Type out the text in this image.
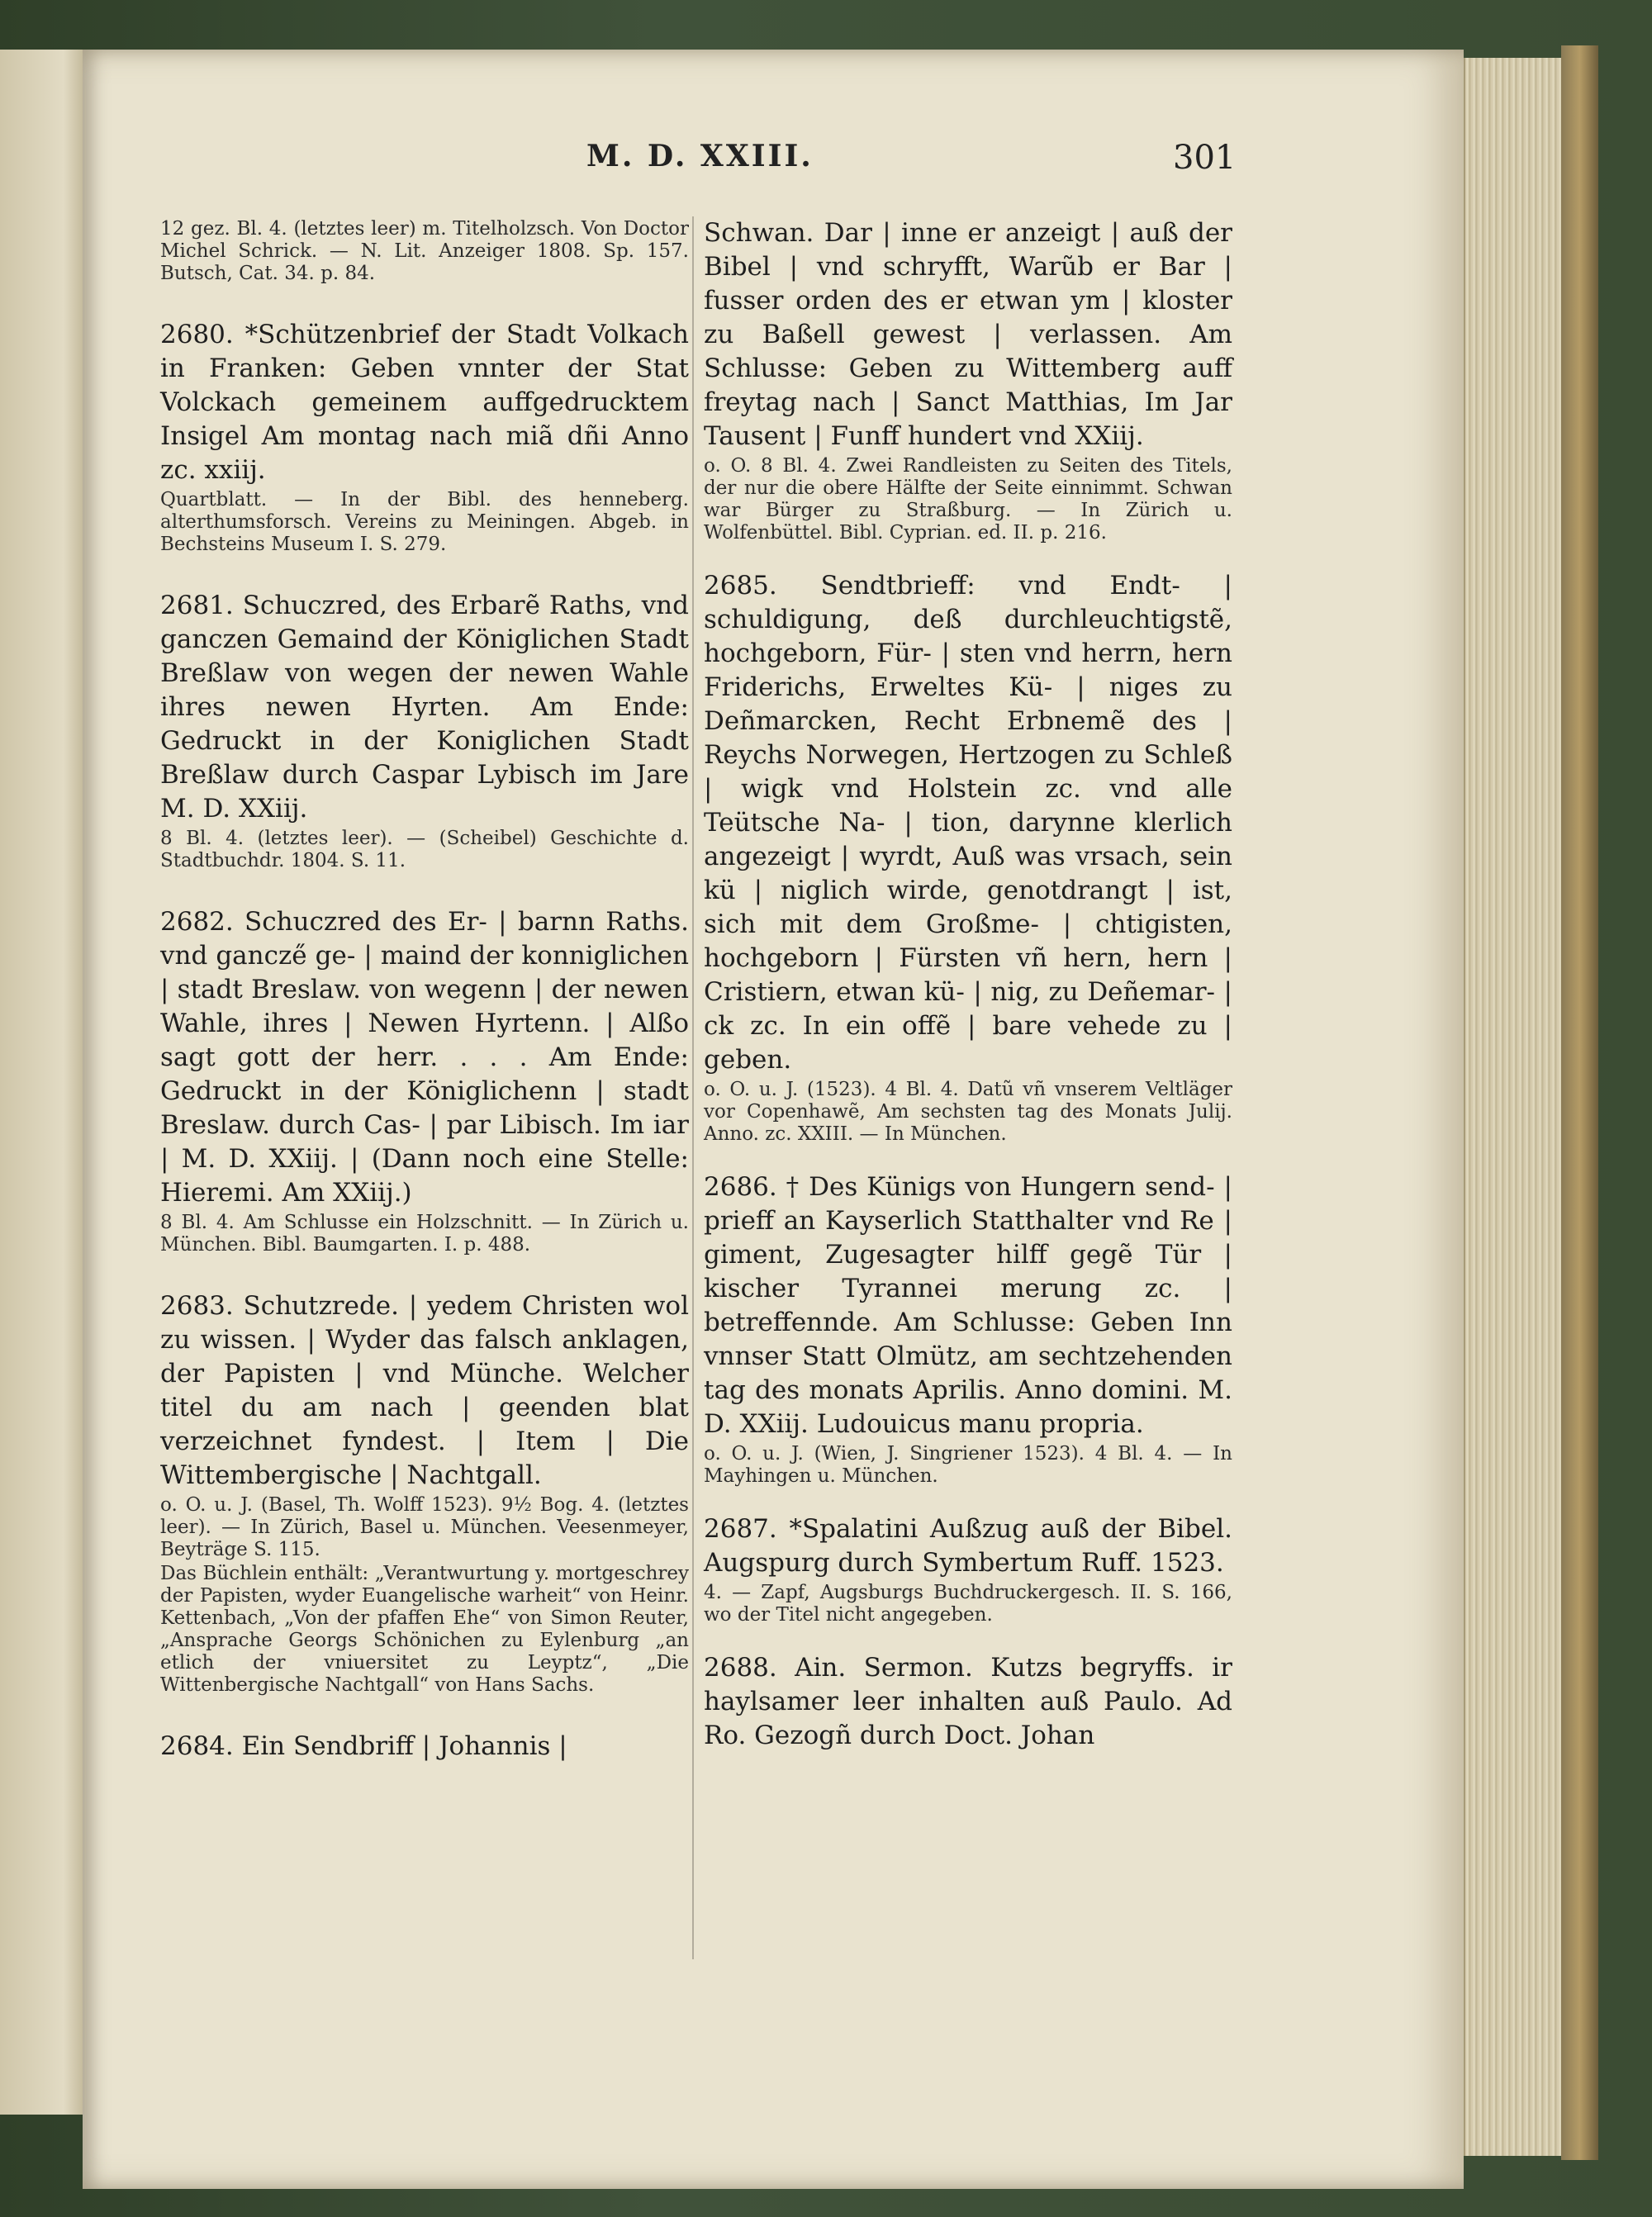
M. D. XXIII.	301

12 gez. Bl. 4. (letztes leer) m. Titelholzsch. Von Doctor Michel Schrick. — N. Lit. Anzeiger 1808. Sp. 157. Butsch, Cat. 34. p. 84.

2680. *Schützenbrief der Stadt Volkach in Franken: Geben vnnter der Stat Volckach gemeinem auffgedrucktem Insigel Am montag nach miã dñi Anno zc. xxiij.

Quartblatt. — In der Bibl. des henneberg. alterthumsforsch. Vereins zu Meiningen. Abgeb. in Bechsteins Museum I. S. 279.

2681. Schuczred, des Erbarẽ Raths, vnd ganczen Gemaind der Königlichen Stadt Breßlaw von wegen der newen Wahle ihres newen Hyrten. Am Ende: Gedruckt in der Koniglichen Stadt Breßlaw durch Caspar Lybisch im Jare M. D. XXiij.

8 Bl. 4. (letztes leer). — (Scheibel) Geschichte d. Stadtbuchdr. 1804. S. 11.

2682. Schuczred des Er- | barnn Raths. vnd gancze̋ ge- | maind der konniglichen | stadt Breslaw. von wegenn | der newen Wahle, ihres | Newen Hyrtenn. | Alßo sagt gott der herr. . . . Am Ende: Gedruckt in der Königlichenn | stadt Breslaw. durch Cas- | par Libisch. Im iar | M. D. XXiij. | (Dann noch eine Stelle: Hieremi. Am XXiij.)

8 Bl. 4. Am Schlusse ein Holzschnitt. — In Zürich u. München. Bibl. Baumgarten. I. p. 488.

2683. Schutzrede. | yedem Christen wol zu wissen. | Wyder das falsch anklagen, der Papisten | vnd Münche. Welcher titel du am nach | geenden blat verzeichnet fyndest. | Item | Die Wittembergische | Nachtgall.

o. O. u. J. (Basel, Th. Wolff 1523). 9½ Bog. 4. (letztes leer). — In Zürich, Basel u. München. Veesenmeyer, Beyträge S. 115.

Das Büchlein enthält: „Verantwurtung y. mortgeschrey der Papisten, wyder Euangelische warheit“ von Heinr. Kettenbach, „Von der pfaffen Ehe“ von Simon Reuter, „Ansprache Georgs Schönichen zu Eylenburg „an etlich der vniuersitet zu Leyptz“, „Die Wittenbergische Nachtgall“ von Hans Sachs.

2684. Ein Sendbriff | Johannis |

Schwan. Dar | inne er anzeigt | auß der Bibel | vnd schryfft, Warũb er Bar | fusser orden des er etwan ym | kloster zu Baßell gewest | verlassen. Am Schlusse: Geben zu Wittemberg auff freytag nach | Sanct Matthias, Im Jar Tausent | Funff hundert vnd XXiij.

o. O. 8 Bl. 4. Zwei Randleisten zu Seiten des Titels, der nur die obere Hälfte der Seite einnimmt. Schwan war Bürger zu Straßburg. — In Zürich u. Wolfenbüttel. Bibl. Cyprian. ed. II. p. 216.

2685. Sendtbrieff: vnd Endt- | schuldigung, deß durchleuchtigstẽ, hochgeborn, Für- | sten vnd herrn, hern Friderichs, Erweltes Kü- | niges zu Deñmarcken, Recht Erbnemẽ des | Reychs Norwegen, Hertzogen zu Schleß | wigk vnd Holstein zc. vnd alle Teütsche Na- | tion, darynne klerlich angezeigt | wyrdt, Auß was vrsach, sein kü | niglich wirde, genotdrangt | ist, sich mit dem Großme- | chtigisten, hochgeborn | Fürsten vñ hern, hern | Cristiern, etwan kü- | nig, zu Deñemar- | ck zc. In ein offẽ | bare vehede zu | geben.

o. O. u. J. (1523). 4 Bl. 4. Datũ vñ vnserem Veltläger vor Copenhawẽ, Am sechsten tag des Monats Julij. Anno. zc. XXIII. — In München.

2686. † Des Künigs von Hungern send- | prieff an Kayserlich Statthalter vnd Re | giment, Zugesagter hilff gegẽ Tür | kischer Tyrannei merung zc. | betreffennde. Am Schlusse: Geben Inn vnnser Statt Olmütz, am sechtzehenden tag des monats Aprilis. Anno domini. M. D. XXiij. Ludouicus manu propria.

o. O. u. J. (Wien, J. Singriener 1523). 4 Bl. 4. — In Mayhingen u. München.

2687. *Spalatini Außzug auß der Bibel. Augspurg durch Symbertum Ruff. 1523.

4. — Zapf, Augsburgs Buchdruckergesch. II. S. 166, wo der Titel nicht angegeben.

2688. Ain. Sermon. Kutzs begryffs. ir haylsamer leer inhalten auß Paulo. Ad Ro. Gezogñ durch Doct. Johan
